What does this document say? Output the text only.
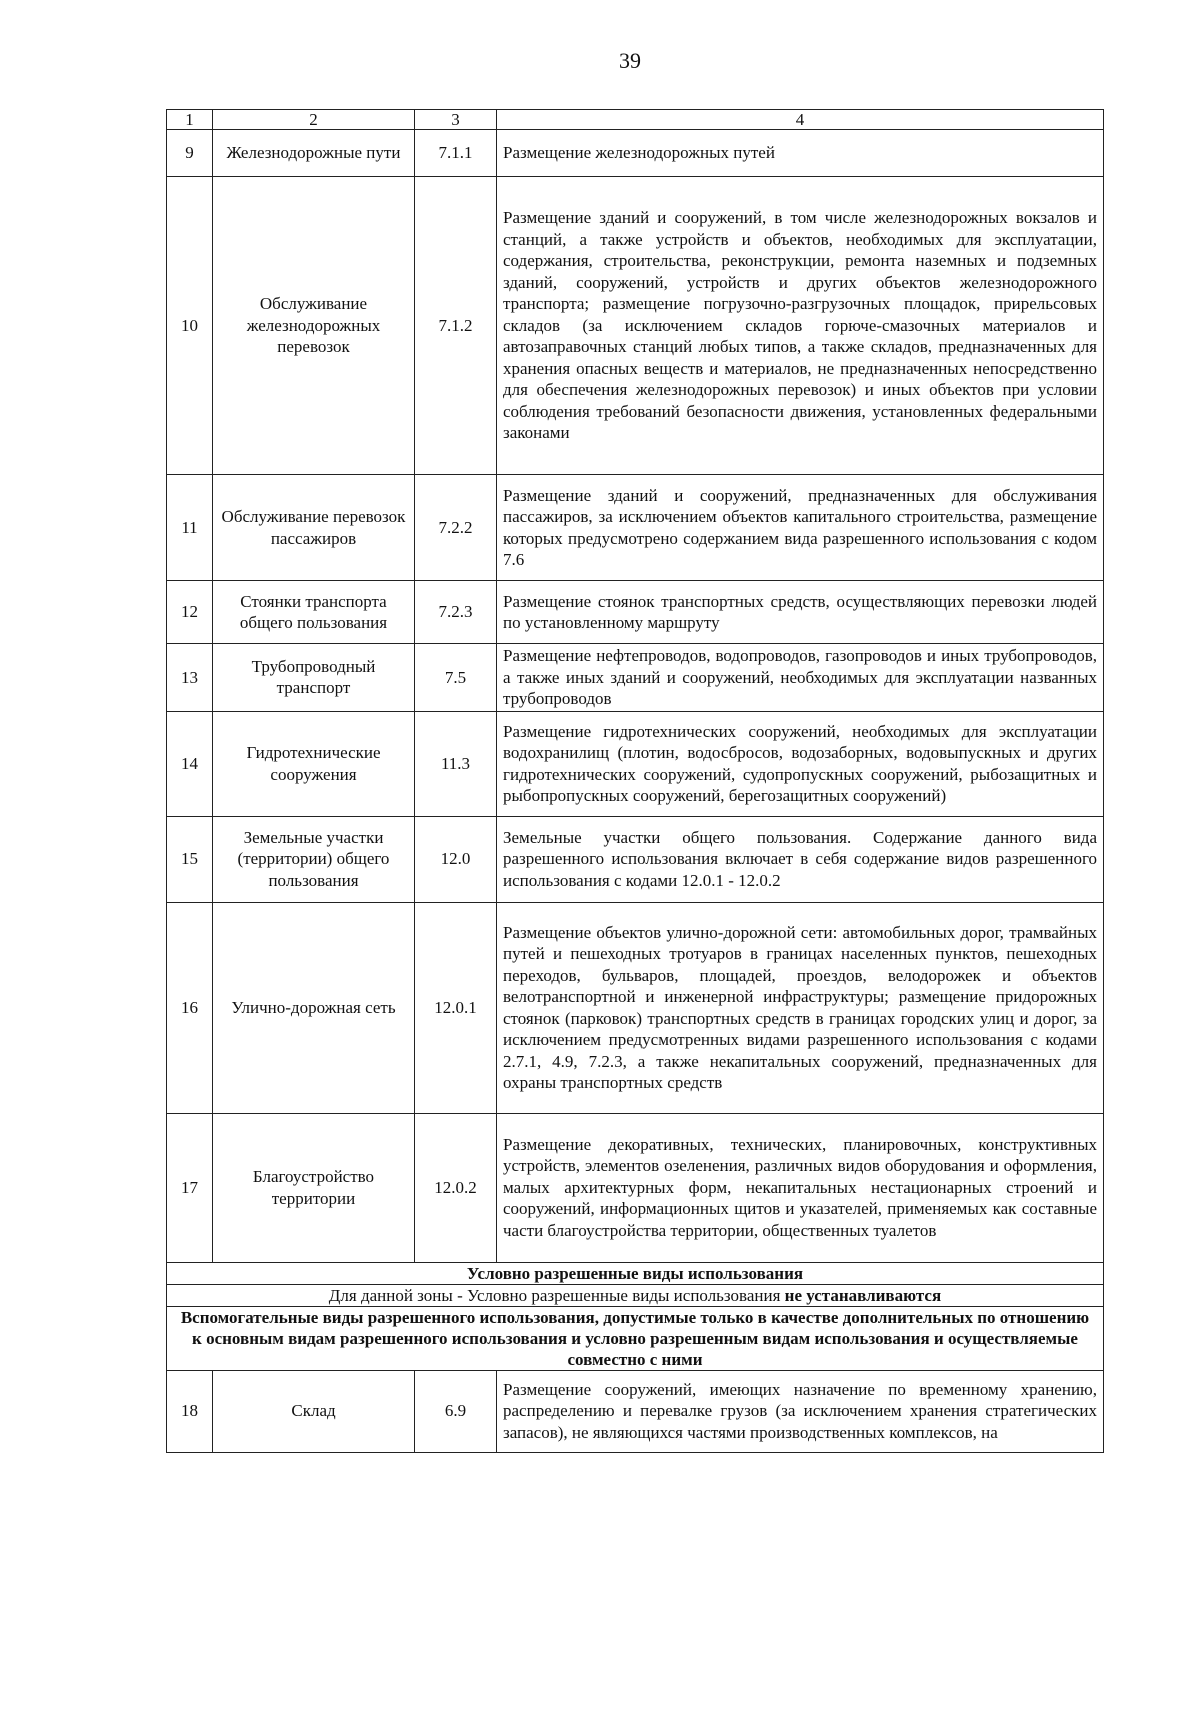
39
1	2	3	4
9	Железнодорожные пути	7.1.1	Размещение железнодорожных путей
10	Обслуживание железнодорожных перевозок	7.1.2	Размещение зданий и сооружений, в том числе железнодорожных вокзалов и станций, а также устройств и объектов, необходимых для эксплуатации, содержания, строительства, реконструкции, ремонта наземных и подземных зданий, сооружений, устройств и других объектов железнодорожного транспорта; размещение погрузочно-разгрузочных площадок, прирельсовых складов (за исключением складов горюче-смазочных материалов и автозаправочных станций любых типов, а также складов, предназначенных для хранения опасных веществ и материалов, не предназначенных непосредственно для обеспечения железнодорожных перевозок) и иных объектов при условии соблюдения требований безопасности движения, установленных федеральными законами
11	Обслуживание перевозок пассажиров	7.2.2	Размещение зданий и сооружений, предназначенных для обслуживания пассажиров, за исключением объектов капитального строительства, размещение которых предусмотрено содержанием вида разрешенного использования с кодом 7.6
12	Стоянки транспорта общего пользования	7.2.3	Размещение стоянок транспортных средств, осуществляющих перевозки людей по установленному маршруту
13	Трубопроводный транспорт	7.5	Размещение нефтепроводов, водопроводов, газопроводов и иных трубопроводов, а также иных зданий и сооружений, необходимых для эксплуатации названных трубопроводов
14	Гидротехнические сооружения	11.3	Размещение гидротехнических сооружений, необходимых для эксплуатации водохранилищ (плотин, водосбросов, водозаборных, водовыпускных и других гидротехнических сооружений, судопропускных сооружений, рыбозащитных и рыбопропускных сооружений, берегозащитных сооружений)
15	Земельные участки (территории) общего пользования	12.0	Земельные участки общего пользования. Содержание данного вида разрешенного использования включает в себя содержание видов разрешенного использования с кодами 12.0.1 - 12.0.2
16	Улично-дорожная сеть	12.0.1	Размещение объектов улично-дорожной сети: автомобильных дорог, трамвайных путей и пешеходных тротуаров в границах населенных пунктов, пешеходных переходов, бульваров, площадей, проездов, велодорожек и объектов велотранспортной и инженерной инфраструктуры; размещение придорожных стоянок (парковок) транспортных средств в границах городских улиц и дорог, за исключением предусмотренных видами разрешенного использования с кодами 2.7.1, 4.9, 7.2.3, а также некапитальных сооружений, предназначенных для охраны транспортных средств
17	Благоустройство территории	12.0.2	Размещение декоративных, технических, планировочных, конструктивных устройств, элементов озеленения, различных видов оборудования и оформления, малых архитектурных форм, некапитальных нестационарных строений и сооружений, информационных щитов и указателей, применяемых как составные части благоустройства территории, общественных туалетов
Условно разрешенные виды использования			
Для данной зоны - Условно разрешенные виды использования не устанавливаются			
Вспомогательные виды разрешенного использования, допустимые только в качестве дополнительных по отношению к основным видам разрешенного использования и условно разрешенным видам использования и осуществляемые совместно с ними			
18	Склад	6.9	Размещение сооружений, имеющих назначение по временному хранению, распределению и перевалке грузов (за исключением хранения стратегических запасов), не являющихся частями производственных комплексов, на
